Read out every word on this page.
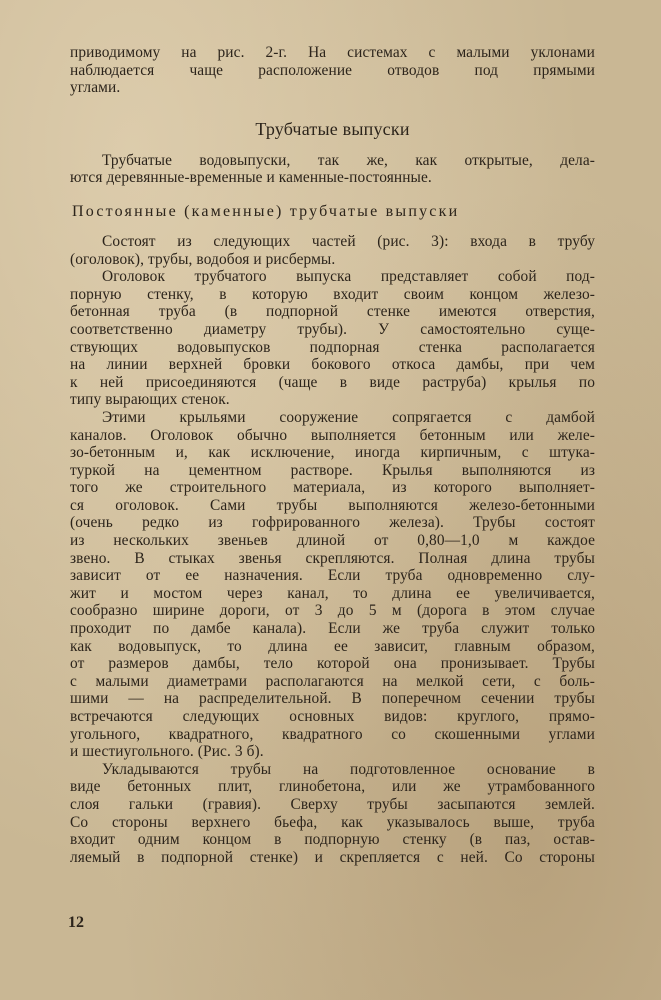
приводимому на рис. 2-г. На системах с малыми уклонами
наблюдается чаще расположение отводов под прямыми
углами.

Трубчатые выпуски

Трубчатые водовыпуски, так же, как открытые, дела-
ются деревянные-временные и каменные-постоянные.

Постоянные (каменные) трубчатые выпуски

Состоят из следующих частей (рис. 3): входа в трубу
(оголовок), трубы, водобоя и рисбермы.

Оголовок трубчатого выпуска представляет собой под-
порную стенку, в которую входит своим концом железо-
бетонная труба (в подпорной стенке имеются отверстия,
соответственно диаметру трубы). У самостоятельно суще-
ствующих водовыпусков подпорная стенка располагается
на линии верхней бровки бокового откоса дамбы, при чем
к ней присоединяются (чаще в виде раструба) крылья по
типу вырающих стенок.

Этими крыльями сооружение сопрягается с дамбой
каналов. Оголовок обычно выполняется бетонным или желе-
зо-бетонным и, как исключение, иногда кирпичным, с штука-
туркой на цементном растворе. Крылья выполняются из
того же строительного материала, из которого выполняет-
ся оголовок. Сами трубы выполняются железо-бетонными
(очень редко из гофрированного железа). Трубы состоят
из нескольких звеньев длиной от 0,80—1,0 м каждое
звено. В стыках звенья скрепляются. Полная длина трубы
зависит от ее назначения. Если труба одновременно слу-
жит и мостом через канал, то длина ее увеличивается,
сообразно ширине дороги, от 3 до 5 м (дорога в этом случае
проходит по дамбе канала). Если же труба служит только
как водовыпуск, то длина ее зависит, главным образом,
от размеров дамбы, тело которой она пронизывает. Трубы
с малыми диаметрами располагаются на мелкой сети, с боль-
шими — на распределительной. В поперечном сечении трубы
встречаются следующих основных видов: круглого, прямо-
угольного, квадратного, квадратного со скошенными углами
и шестиугольного. (Рис. 3 б).

Укладываются трубы на подготовленное основание в
виде бетонных плит, глинобетона, или же утрамбованного
слоя гальки (гравия). Сверху трубы засыпаются землей.
Со стороны верхнего бьефа, как указывалось выше, труба
входит одним концом в подпорную стенку (в паз, остав-
ляемый в подпорной стенке) и скрепляется с ней. Со стороны

12
